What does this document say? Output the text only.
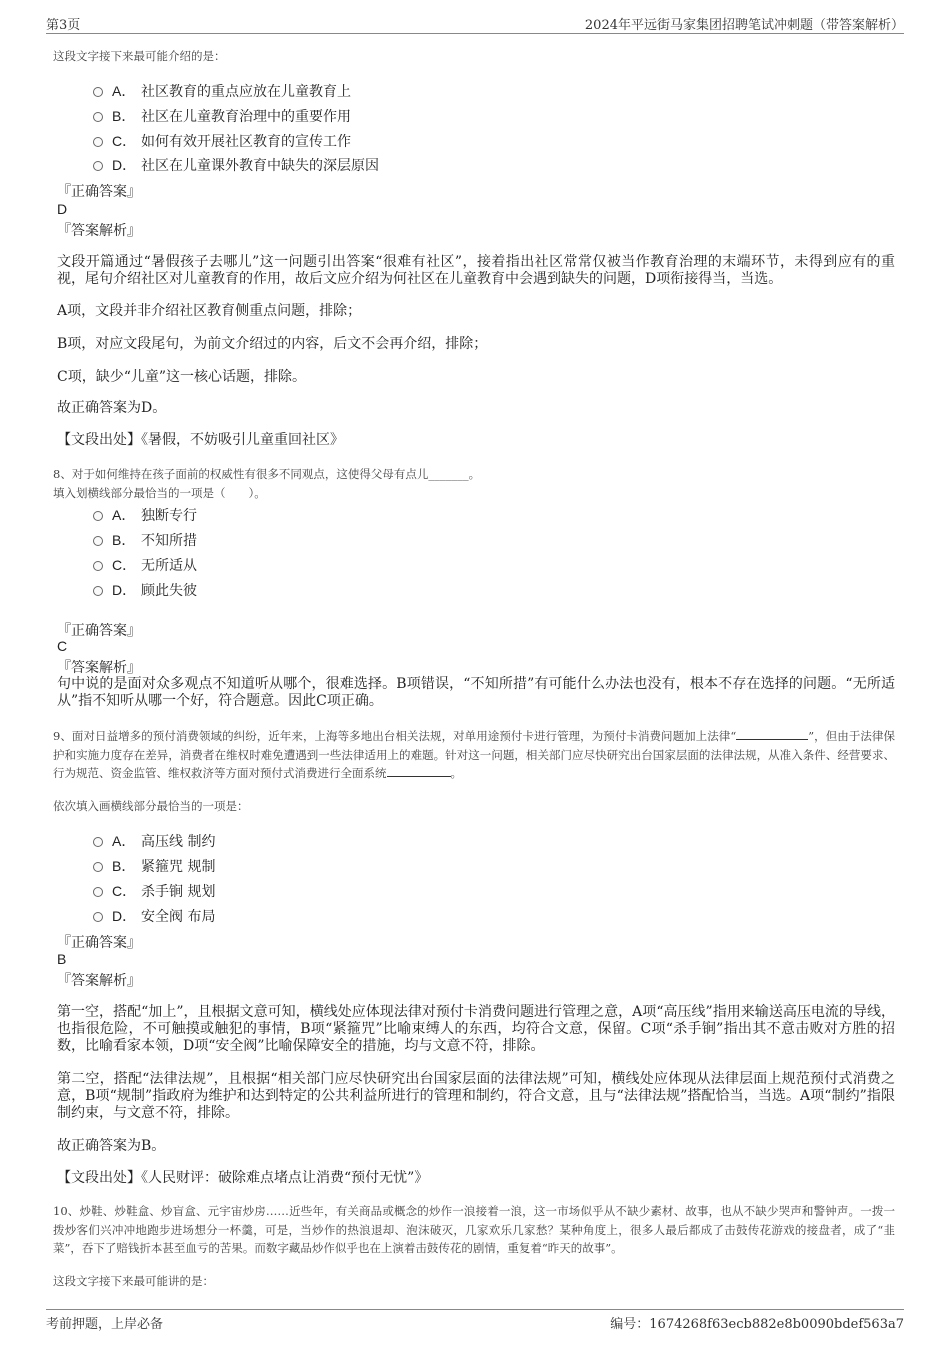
第3页	2024年平远街马家集团招聘笔试冲刺题（带答案解析）
这段文字接下来最可能介绍的是：
A． 社区教育的重点应放在儿童教育上
B． 社区在儿童教育治理中的重要作用
C． 如何有效开展社区教育的宣传工作
D． 社区在儿童课外教育中缺失的深层原因
『正确答案』
D
『答案解析』
文段开篇通过“暑假孩子去哪儿”这一问题引出答案“很难有社区”，接着指出社区常常仅被当作教育治理的末端环节，未得到应有的重视，尾句介绍社区对儿童教育的作用，故后文应介绍为何社区在儿童教育中会遇到缺失的问题，D项衔接得当，当选。
A项，文段并非介绍社区教育侧重点问题，排除；
B项，对应文段尾句，为前文介绍过的内容，后文不会再介绍，排除；
C项，缺少“儿童”这一核心话题，排除。
故正确答案为D。
【文段出处】《暑假，不妨吸引儿童重回社区》
8、对于如何维持在孩子面前的权威性有很多不同观点，这使得父母有点儿_______。
填入划横线部分最恰当的一项是（　　）。
A． 独断专行
B． 不知所措
C． 无所适从
D． 顾此失彼
『正确答案』
C
『答案解析』
句中说的是面对众多观点不知道听从哪个，很难选择。B项错误，“不知所措”有可能什么办法也没有，根本不存在选择的问题。“无所适从”指不知听从哪一个好，符合题意。因此C项正确。
9、面对日益增多的预付消费领域的纠纷，近年来，上海等多地出台相关法规，对单用途预付卡进行管理，为预付卡消费问题加上法律“	”，但由于法律保护和实施力度存在差异，消费者在维权时难免遭遇到一些法律适用上的难题。针对这一问题，相关部门应尽快研究出台国家层面的法律法规，从准入条件、经营要求、行为规范、资金监管、维权救济等方面对预付式消费进行全面系统	。
依次填入画横线部分最恰当的一项是：
A． 高压线 制约
B． 紧箍咒 规制
C． 杀手锏 规划
D． 安全阀 布局
『正确答案』
B
『答案解析』
第一空，搭配“加上”，且根据文意可知，横线处应体现法律对预付卡消费问题进行管理之意，A项“高压线”指用来输送高压电流的导线，也指很危险，不可触摸或触犯的事情，B项“紧箍咒”比喻束缚人的东西，均符合文意，保留。C项“杀手锏”指出其不意击败对方胜的招数，比喻看家本领，D项“安全阀”比喻保障安全的措施，均与文意不符，排除。
第二空，搭配“法律法规”，且根据“相关部门应尽快研究出台国家层面的法律法规”可知，横线处应体现从法律层面上规范预付式消费之意，B项“规制”指政府为维护和达到特定的公共利益所进行的管理和制约，符合文意，且与“法律法规”搭配恰当，当选。A项“制约”指限制约束，与文意不符，排除。
故正确答案为B。
【文段出处】《人民财评：破除难点堵点让消费“预付无忧”》
10、炒鞋、炒鞋盒、炒盲盒、元宇宙炒房……近些年，有关商品或概念的炒作一浪接着一浪，这一市场似乎从不缺少素材、故事，也从不缺少哭声和警钟声。一拨一拨炒客们兴冲冲地跑步进场想分一杯羹，可是，当炒作的热浪退却、泡沫破灭，几家欢乐几家愁？某种角度上，很多人最后都成了击鼓传花游戏的接盘者，成了“韭菜”，吞下了赔钱折本甚至血亏的苦果。而数字藏品炒作似乎也在上演着击鼓传花的剧情，重复着“昨天的故事”。
这段文字接下来最可能讲的是：
考前押题，上岸必备	编号：1674268f63ecb882e8b0090bdef563a7
